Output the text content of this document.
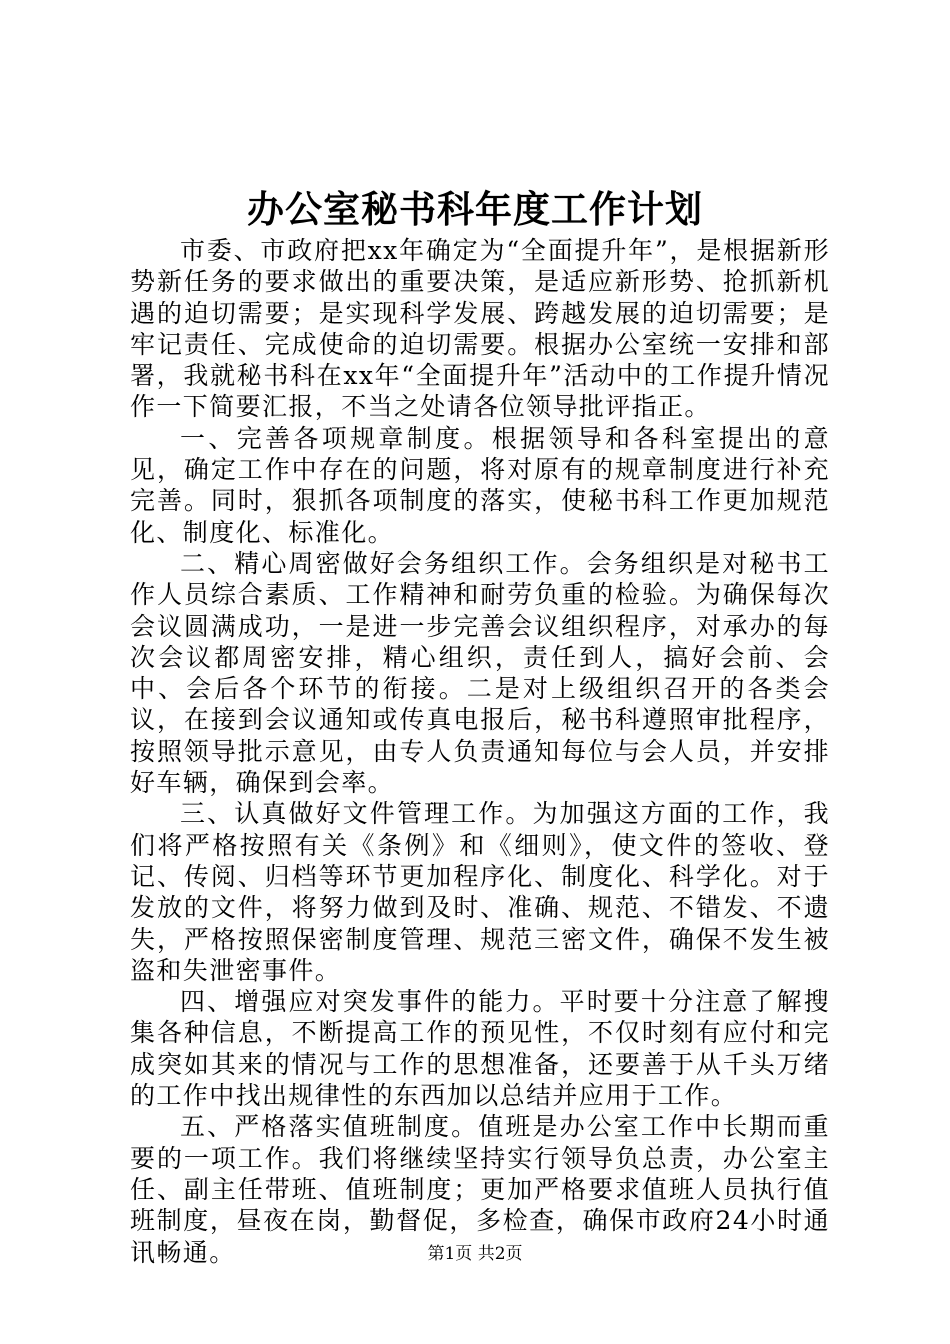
办公室秘书科年度工作计划

市委、市政府把xx年确定为“全面提升年”，是根据新形势新任务的要求做出的重要决策，是适应新形势、抢抓新机遇的迫切需要；是实现科学发展、跨越发展的迫切需要；是牢记责任、完成使命的迫切需要。根据办公室统一安排和部署，我就秘书科在xx年“全面提升年”活动中的工作提升情况作一下简要汇报，不当之处请各位领导批评指正。

一、完善各项规章制度。根据领导和各科室提出的意见，确定工作中存在的问题，将对原有的规章制度进行补充完善。同时，狠抓各项制度的落实，使秘书科工作更加规范化、制度化、标准化。

二、精心周密做好会务组织工作。会务组织是对秘书工作人员综合素质、工作精神和耐劳负重的检验。为确保每次会议圆满成功，一是进一步完善会议组织程序，对承办的每次会议都周密安排，精心组织，责任到人，搞好会前、会中、会后各个环节的衔接。二是对上级组织召开的各类会议，在接到会议通知或传真电报后，秘书科遵照审批程序，按照领导批示意见，由专人负责通知每位与会人员，并安排好车辆，确保到会率。

三、认真做好文件管理工作。为加强这方面的工作，我们将严格按照有关《条例》和《细则》，使文件的签收、登记、传阅、归档等环节更加程序化、制度化、科学化。对于发放的文件，将努力做到及时、准确、规范、不错发、不遗失，严格按照保密制度管理、规范三密文件，确保不发生被盗和失泄密事件。

四、增强应对突发事件的能力。平时要十分注意了解搜集各种信息，不断提高工作的预见性，不仅时刻有应付和完成突如其来的情况与工作的思想准备，还要善于从千头万绪的工作中找出规律性的东西加以总结并应用于工作。

五、严格落实值班制度。值班是办公室工作中长期而重要的一项工作。我们将继续坚持实行领导负总责，办公室主任、副主任带班、值班制度；更加严格要求值班人员执行值班制度，昼夜在岗，勤督促，多检查，确保市政府24小时通讯畅通。	第1页 共2页
